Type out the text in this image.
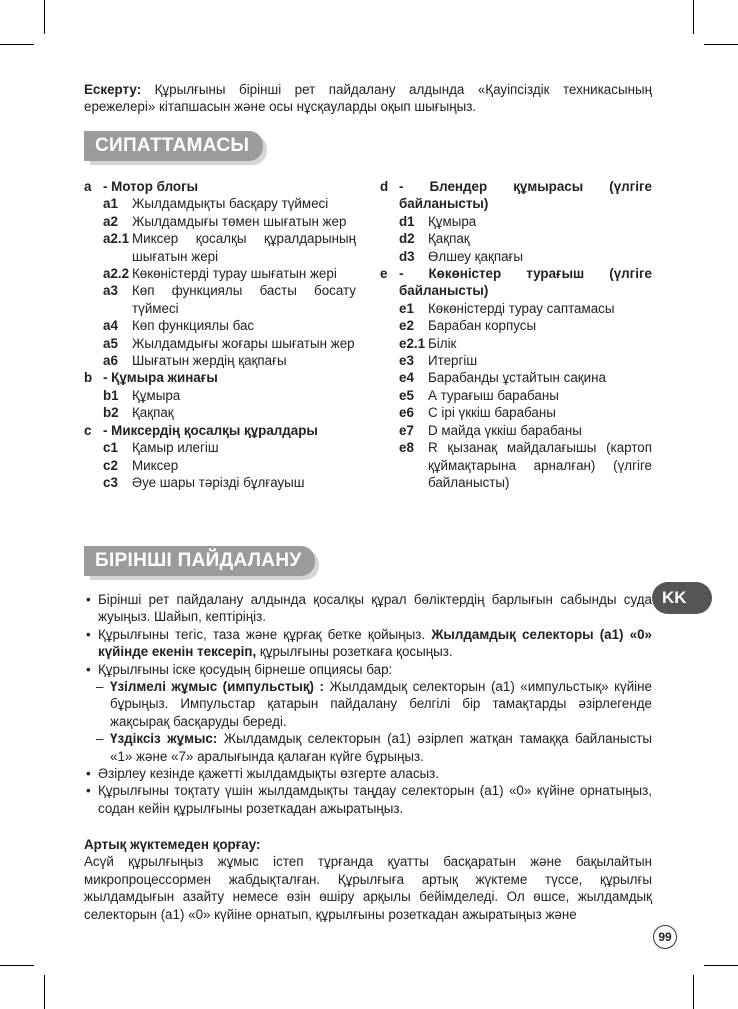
Ескерту: Құрылғыны бірінші рет пайдалану алдында «Қауіпсіздік техникасының ережелері» кітапшасын және осы нұсқауларды оқып шығыңыз.
СИПАТТАМАСЫ
a - Мотор блогы
a1	Жылдамдықты басқару түймесі
a2	Жылдамдығы төмен шығатын жер
a2.1 Миксер қосалқы құралдарының шығатын жері
a2.2 Көкөністерді турау шығатын жері
a3	Көп функциялы басты босату түймесі
a4	Көп функциялы бас
a5	Жылдамдығы жоғары шығатын жер
a6	Шығатын жердің қақпағы
b - Құмыра жинағы
b1 Құмыра
b2 Қақпақ
c - Миксердің қосалқы құралдары
c1	Қамыр илегіш
c2	Миксер
c3	Әуе шары тәрізді бұлғауыш
d - Блендер құмырасы (үлгіге байланысты)
d1 Құмыра
d2 Қақпақ
d3 Өлшеу қақпағы
e - Көкөністер турағыш (үлгіге байланысты)
e1	Көкөністерді турау саптамасы
e2	Барабан корпусы
e2.1 Білік
e3	Итергіш
e4	Барабанды ұстайтын сақина
e5	А турағыш барабаны
e6	С ірі үккіш барабаны
e7	D майда үккіш барабаны
e8	R қызанақ майдалағышы (картоп құймақтарына арналған) (үлгіге байланысты)
БІРІНШІ ПАЙДАЛАНУ
KK
• Бірінші рет пайдалану алдында қосалқы құрал бөліктердің барлығын сабынды суда жуыңыз. Шайып, кептіріңіз.
• Құрылғыны тегіс, таза және құрғақ бетке қойыңыз. Жылдамдық селекторы (a1) «0» күйінде екенін тексеріп, құрылғыны розеткаға қосыңыз.
• Құрылғыны іске қосудың бірнеше опциясы бар:
– Үзілмелі жұмыс (импульстық) : Жылдамдық селекторын (a1) «импульстық» күйіне бұрыңыз. Импульстар қатарын пайдалану белгілі бір тамақтарды әзірлегенде жақсырақ басқаруды береді.
– Үздіксіз жұмыс: Жылдамдық селекторын (a1) әзірлеп жатқан тамаққа байланысты «1» және «7» аралығында қалаған күйге бұрыңыз.
• Әзірлеу кезінде қажетті жылдамдықты өзгерте аласыз.
• Құрылғыны тоқтату үшін жылдамдықты таңдау селекторын (a1) «0» күйіне орнатыңыз, содан кейін құрылғыны розеткадан ажыратыңыз.
Артық жүктемеден қорғау:
Асүй құрылғыңыз жұмыс істеп тұрғанда қуатты басқаратын және бақылайтын микропроцессормен жабдықталған. Құрылғыға артық жүктеме түссе, құрылғы жылдамдығын азайту немесе өзін өшіру арқылы бейімделеді. Ол өшсе, жылдамдық селекторын (a1) «0» күйіне орнатып, құрылғыны розеткадан ажыратыңыз және
99
